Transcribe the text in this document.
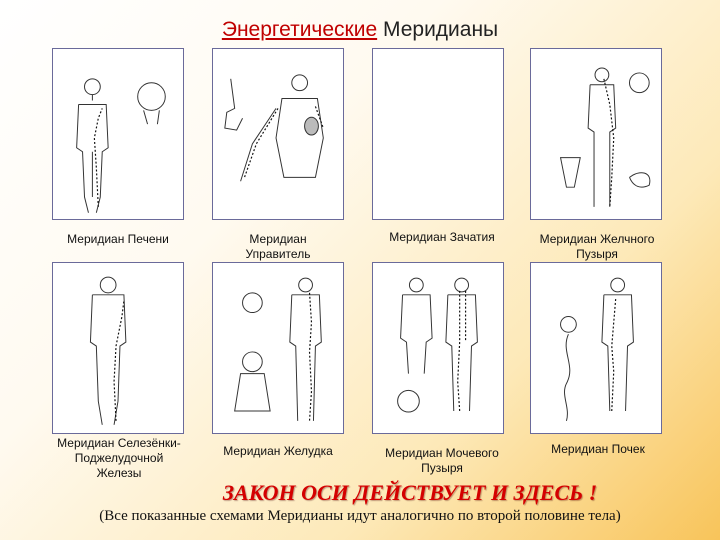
Энергетические Меридианы
Меридиан Печени	Меридиан
Управитель
Меридиан Зачатия	Меридиан Желчного
Пузыря
Меридиан Селезёнки-
Поджелудочной
Железы
Меридиан Желудка	Меридиан Мочевого
Пузыря
Меридиан Почек
ЗАКОН ОСИ ДЕЙСТВУЕТ И ЗДЕСЬ !
(Все показанные схемами Меридианы идут аналогично по второй половине тела)
